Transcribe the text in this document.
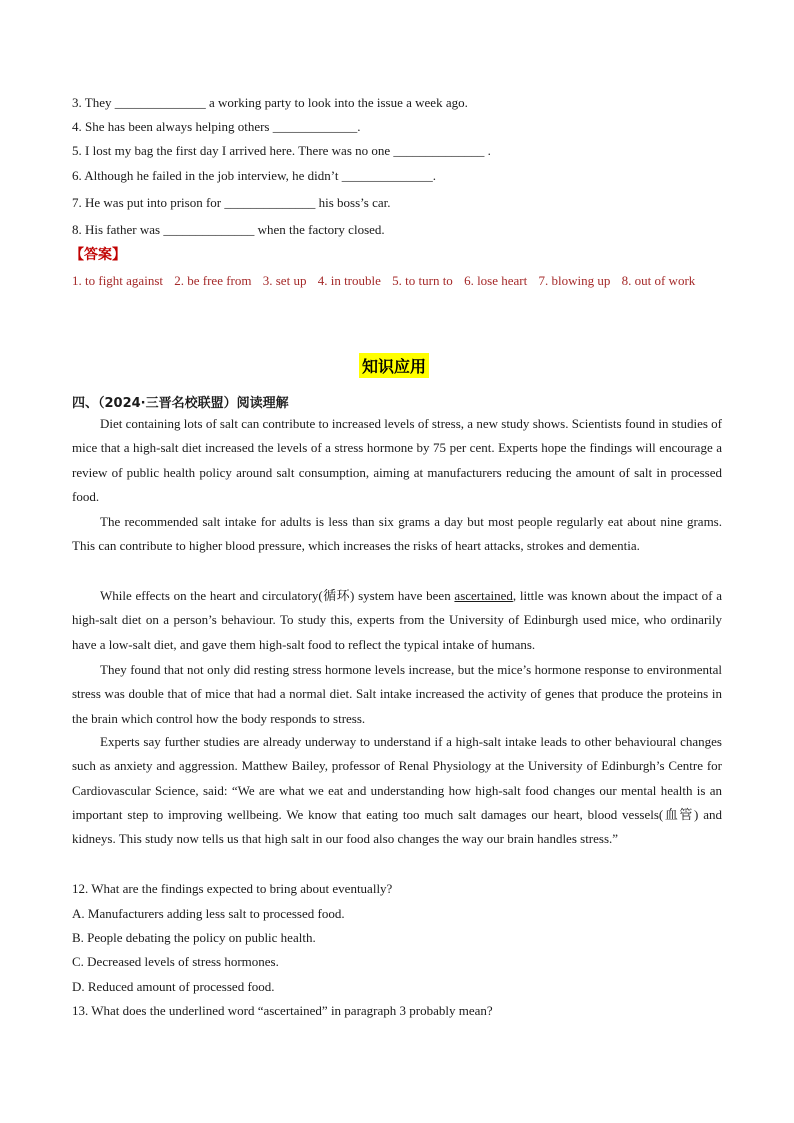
3. They ______________ a working party to look into the issue a week ago.
4. She has been always helping others _____________.
5. I lost my bag the first day I arrived here. There was no one ______________ .
6. Although he failed in the job interview, he didn’t ______________.
7. He was put into prison for ______________ his boss’s car.
8. His father was ______________ when the factory closed.
【答案】
1. to fight against 2. be free from 3. set up 4. in trouble 5. to turn to 6. lose heart 7. blowing up 8. out of work
知识应用
四、（2024·三晋名校联盟）阅读理解

Diet containing lots of salt can contribute to increased levels of stress, a new study shows. Scientists found in studies of mice that a high-salt diet increased the levels of a stress hormone by 75 per cent. Experts hope the findings will encourage a review of public health policy around salt consumption, aiming at manufacturers reducing the amount of salt in processed food.

The recommended salt intake for adults is less than six grams a day but most people regularly eat about nine grams. This can contribute to higher blood pressure, which increases the risks of heart attacks, strokes and dementia.

While effects on the heart and circulatory(循环) system have been ascertained, little was known about the impact of a high-salt diet on a person’s behaviour. To study this, experts from the University of Edinburgh used mice, who ordinarily have a low-salt diet, and gave them high-salt food to reflect the typical intake of humans.

They found that not only did resting stress hormone levels increase, but the mice’s hormone response to environmental stress was double that of mice that had a normal diet. Salt intake increased the activity of genes that produce the proteins in the brain which control how the body responds to stress.

Experts say further studies are already underway to understand if a high-salt intake leads to other behavioural changes such as anxiety and aggression. Matthew Bailey, professor of Renal Physiology at the University of Edinburgh’s Centre for Cardiovascular Science, said: “We are what we eat and understanding how high-salt food changes our mental health is an important step to improving wellbeing. We know that eating too much salt damages our heart, blood vessels(血管) and kidneys. This study now tells us that high salt in our food also changes the way our brain handles stress.”

12. What are the findings expected to bring about eventually?
A. Manufacturers adding less salt to processed food.
B. People debating the policy on public health.
C. Decreased levels of stress hormones.
D. Reduced amount of processed food.
13. What does the underlined word “ascertained” in paragraph 3 probably mean?
